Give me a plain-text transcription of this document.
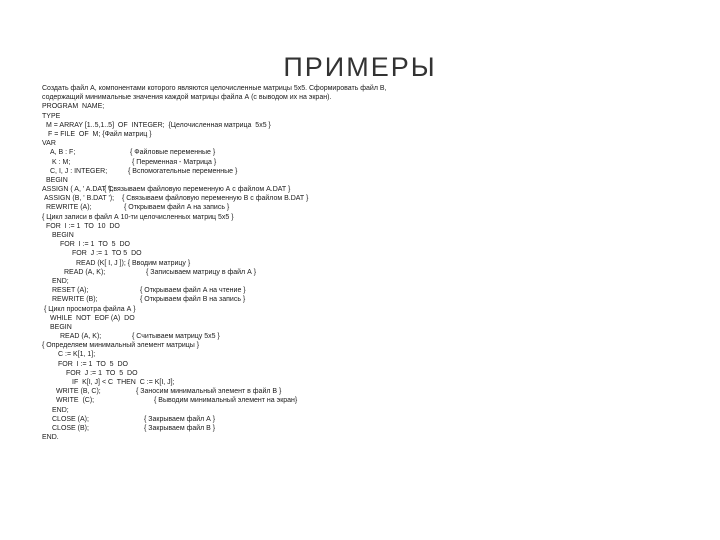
ПРИМЕРЫ
Создать файл А, компонентами которого являются целочисленные матрицы 5х5. Сформировать файл В,
содержащий минимальные значения каждой матрицы файла А (с выводом их на экран).
PROGRAM  NAME;
TYPE
M = ARRAY [1..5,1..5]  OF  INTEGER;  {Целочисленная матрица  5х5 }
F = FILE  OF  M; {Файл матриц }
VAR
A, B : F;	{ Файловые переменные }
K : M;	{ Переменная - Матрица }
C, I, J : INTEGER;	{ Вспомогательные переменные }
BEGIN
ASSIGN ( A, ' A.DAT ');
{ Связываем файловую переменную А с файлом A.DAT }
ASSIGN (B, ' B.DAT '); { Связываем файловую переменную В с файлом B.DAT }
REWRITE (A);	{ Открываем файл А на запись }
{ Цикл записи в файл А 10-ти целочисленных матриц 5х5 }
FOR  I := 1  TO  10  DO
BEGIN
FOR  I := 1  TO  5  DO
FOR  J := 1  TO 5  DO
READ (K[ I, J ]); { Вводим матрицу }
READ (A, K);	{ Записываем матрицу в файл А }
END;
RESET (A);	{ Открываем файл А на чтение }
REWRITE (B);	{ Открываем файл В на запись }
{ Цикл просмотра файла А }
WHILE  NOT  EOF (A)  DO
BEGIN
READ (A, K);	{ Считываем матрицу 5х5 }
{ Определяем минимальный элемент матрицы }
C := K[1, 1];
FOR  I := 1  TO  5  DO
FOR  J := 1  TO  5  DO
IF  K[I, J] < C  THEN  C := K[I, J];
WRITE (B, C);	{ Заносим минимальный элемент в файл В }
WRITE  (C);	{ Выводим минимальный элемент на экран}
END;
CLOSE (A);	{ Закрываем файл А }
CLOSE (B);	{ Закрываем файл В }
END.
